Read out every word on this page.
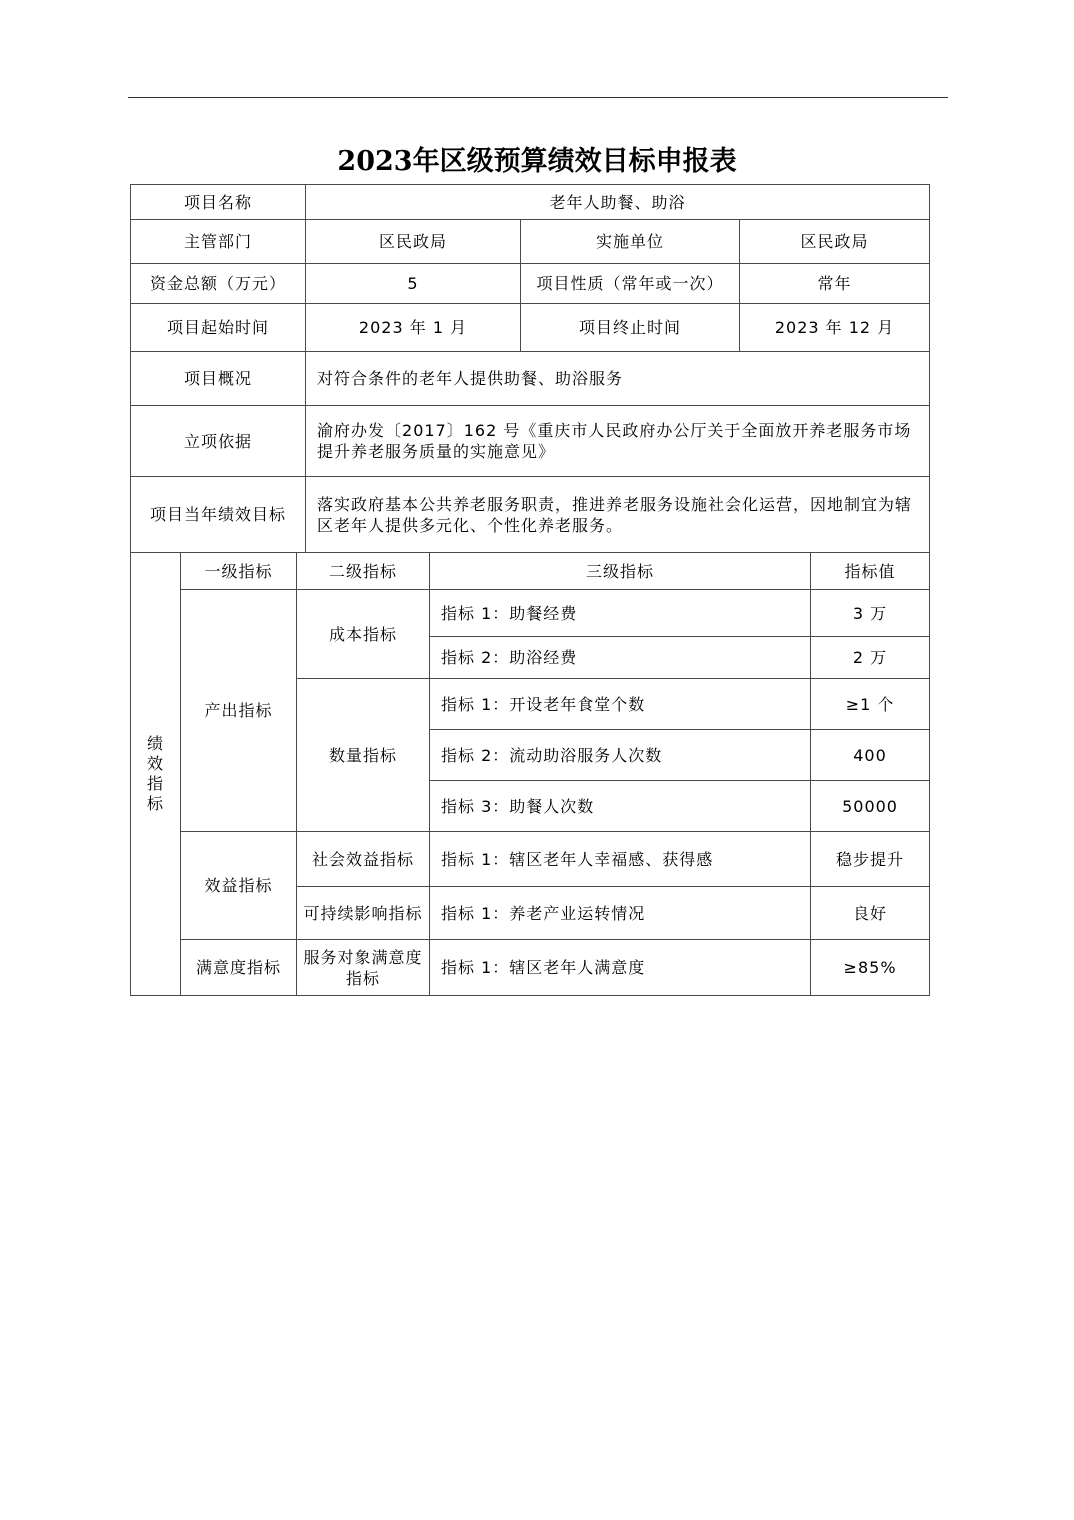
2023年区级预算绩效目标申报表
项目名称			老年人助餐、助浴				
主管部门			区民政局		实施单位	区民政局	
资金总额（万元）			5		项目性质（常年或一次）	常年	
项目起始时间			2023 年 1 月		项目终止时间	2023 年 12 月	
项目概况			对符合条件的老年人提供助餐、助浴服务				
立项依据			渝府办发〔2017〕162 号《重庆市人民政府办公厅关于全面放开养老服务市场提升养老服务质量的实施意见》				
项目当年绩效目标			落实政府基本公共养老服务职责，推进养老服务设施社会化运营，因地制宜为辖区老年人提供多元化、个性化养老服务。				

绩效指标	一级指标	二级指标		三级指标			指标值
	产出指标	成本指标		指标 1：助餐经费			3 万
				指标 2：助浴经费			2 万
		数量指标		指标 1：开设老年食堂个数			≥1 个
				指标 2：流动助浴服务人次数			400
				指标 3：助餐人次数			50000
	效益指标	社会效益指标		指标 1：辖区老年人幸福感、获得感			稳步提升
		可持续影响指标		指标 1：养老产业运转情况			良好
	满意度指标	服务对象满意度指标		指标 1：辖区老年人满意度			≥85%
